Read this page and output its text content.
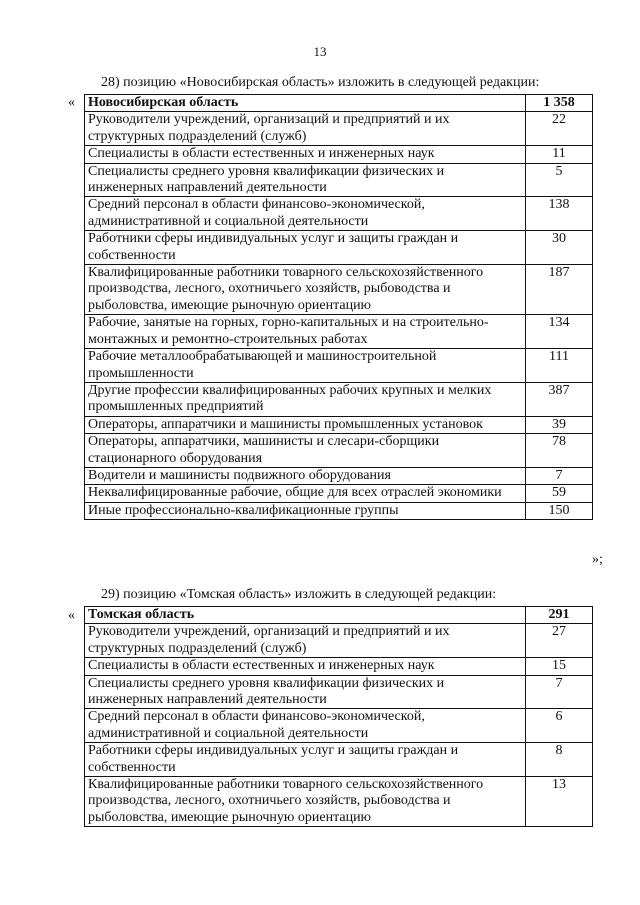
13
28) позицию «Новосибирская область» изложить в следующей редакции:
« Новосибирская область	1 358
Руководители учреждений, организаций и предприятий и их структурных подразделений (служб)	22
Специалисты в области естественных и инженерных наук	11
Специалисты среднего уровня квалификации физических и инженерных направлений деятельности	5
Средний персонал в области финансово-экономической, административной и социальной деятельности	138
Работники сферы индивидуальных услуг и защиты граждан и собственности	30
Квалифицированные работники товарного сельскохозяйственного производства, лесного, охотничьего хозяйств, рыбоводства и рыболовства, имеющие рыночную ориентацию	187
Рабочие, занятые на горных, горно-капитальных и на строительно-монтажных и ремонтно-строительных работах	134
Рабочие металлообрабатывающей и машиностроительной промышленности	111
Другие профессии квалифицированных рабочих крупных и мелких промышленных предприятий	387
Операторы, аппаратчики и машинисты промышленных установок	39
Операторы, аппаратчики, машинисты и слесари-сборщики стационарного оборудования	78
Водители и машинисты подвижного оборудования	7
Неквалифицированные рабочие, общие для всех отраслей экономики	59
Иные профессионально-квалификационные группы	150
»;
29) позицию «Томская область» изложить в следующей редакции:
« Томская область	291
Руководители учреждений, организаций и предприятий и их структурных подразделений (служб)	27
Специалисты в области естественных и инженерных наук	15
Специалисты среднего уровня квалификации физических и инженерных направлений деятельности	7
Средний персонал в области финансово-экономической, административной и социальной деятельности	6
Работники сферы индивидуальных услуг и защиты граждан и собственности	8
Квалифицированные работники товарного сельскохозяйственного производства, лесного, охотничьего хозяйств, рыбоводства и рыболовства, имеющие рыночную ориентацию	13
